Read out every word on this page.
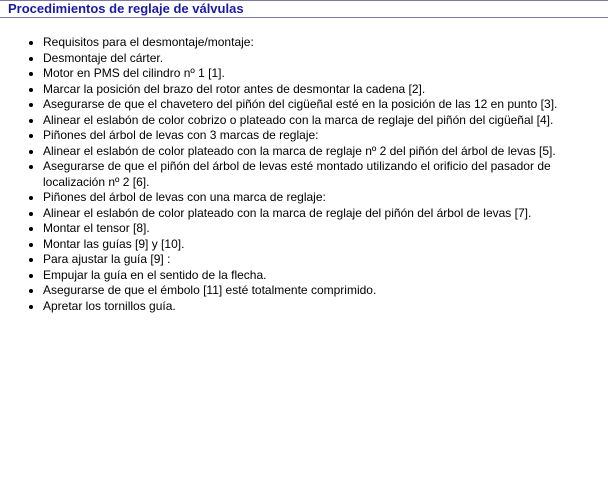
Procedimientos de reglaje de válvulas
• Requisitos para el desmontaje/montaje:
• Desmontaje del cárter.
• Motor en PMS del cilindro nº 1 [1].
• Marcar la posición del brazo del rotor antes de desmontar la cadena [2].
• Asegurarse de que el chavetero del piñón del cigüeñal esté en la posición de las 12 en punto [3].
• Alinear el eslabón de color cobrizo o plateado con la marca de reglaje del piñón del cigüeñal [4].
• Piñones del árbol de levas con 3 marcas de reglaje:
• Alinear el eslabón de color plateado con la marca de reglaje nº 2 del piñón del árbol de levas [5].
• Asegurarse de que el piñón del árbol de levas esté montado utilizando el orificio del pasador de localización nº 2 [6].
• Piñones del árbol de levas con una marca de reglaje:
• Alinear el eslabón de color plateado con la marca de reglaje del piñón del árbol de levas [7].
• Montar el tensor [8].
• Montar las guías [9] y [10].
• Para ajustar la guía [9] :
• Empujar la guía en el sentido de la flecha.
• Asegurarse de que el émbolo [11] esté totalmente comprimido.
• Apretar los tornillos guía.
